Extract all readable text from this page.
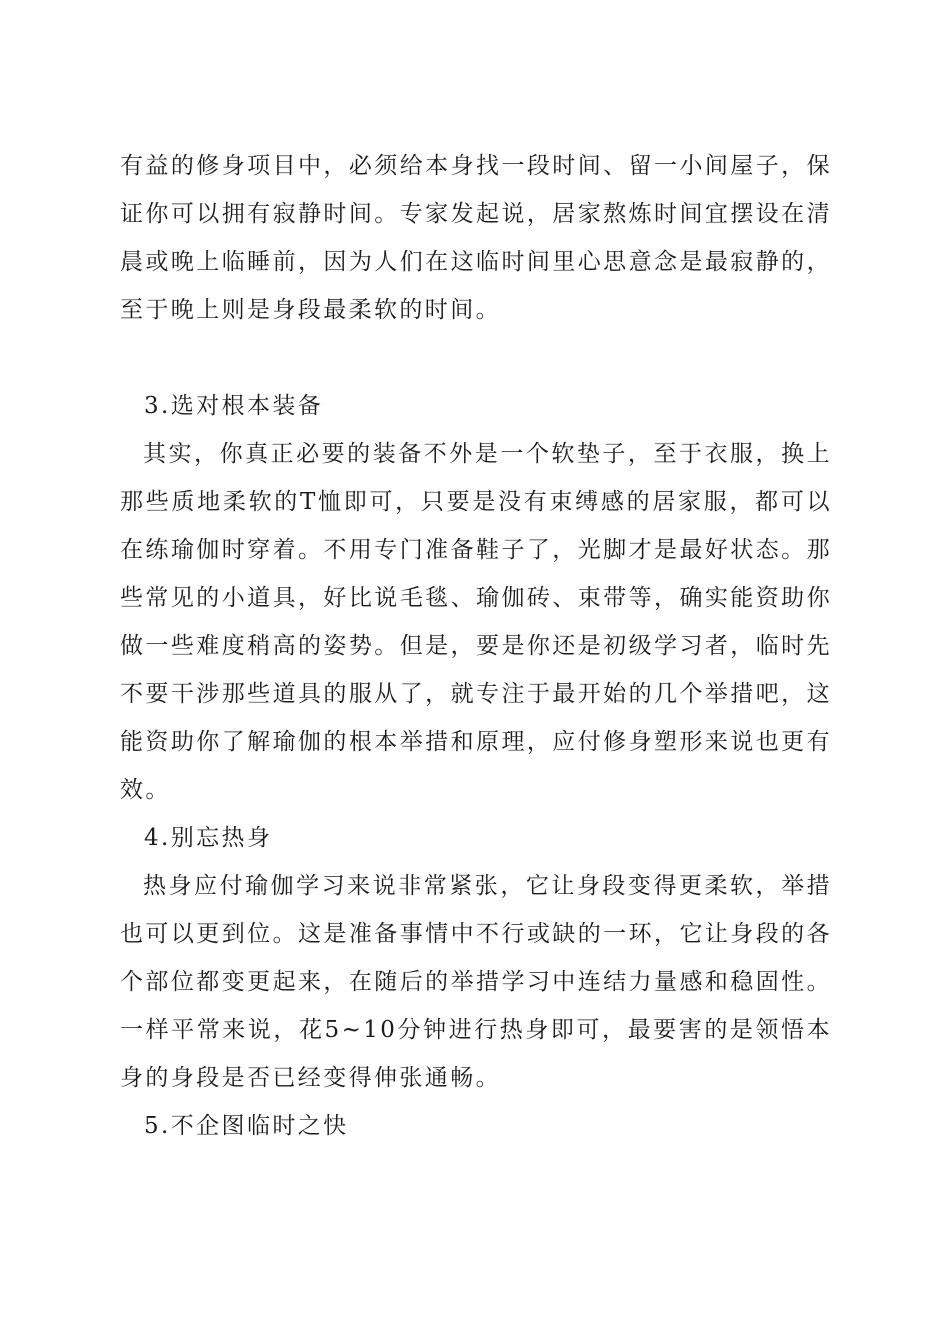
有益的修身项目中，必须给本身找一段时间、留一小间屋子，保证你可以拥有寂静时间。专家发起说，居家熬炼时间宜摆设在清晨或晚上临睡前，因为人们在这临时间里心思意念是最寂静的，至于晚上则是身段最柔软的时间。

3.选对根本装备

其实，你真正必要的装备不外是一个软垫子，至于衣服，换上那些质地柔软的T恤即可，只要是没有束缚感的居家服，都可以在练瑜伽时穿着。不用专门准备鞋子了，光脚才是最好状态。那些常见的小道具，好比说毛毯、瑜伽砖、束带等，确实能资助你做一些难度稍高的姿势。但是，要是你还是初级学习者，临时先不要干涉那些道具的服从了，就专注于最开始的几个举措吧，这能资助你了解瑜伽的根本举措和原理，应付修身塑形来说也更有效。

4.别忘热身

热身应付瑜伽学习来说非常紧张，它让身段变得更柔软，举措也可以更到位。这是准备事情中不行或缺的一环，它让身段的各个部位都变更起来，在随后的举措学习中连结力量感和稳固性。一样平常来说，花5~10分钟进行热身即可，最要害的是领悟本身的身段是否已经变得伸张通畅。

5.不企图临时之快
